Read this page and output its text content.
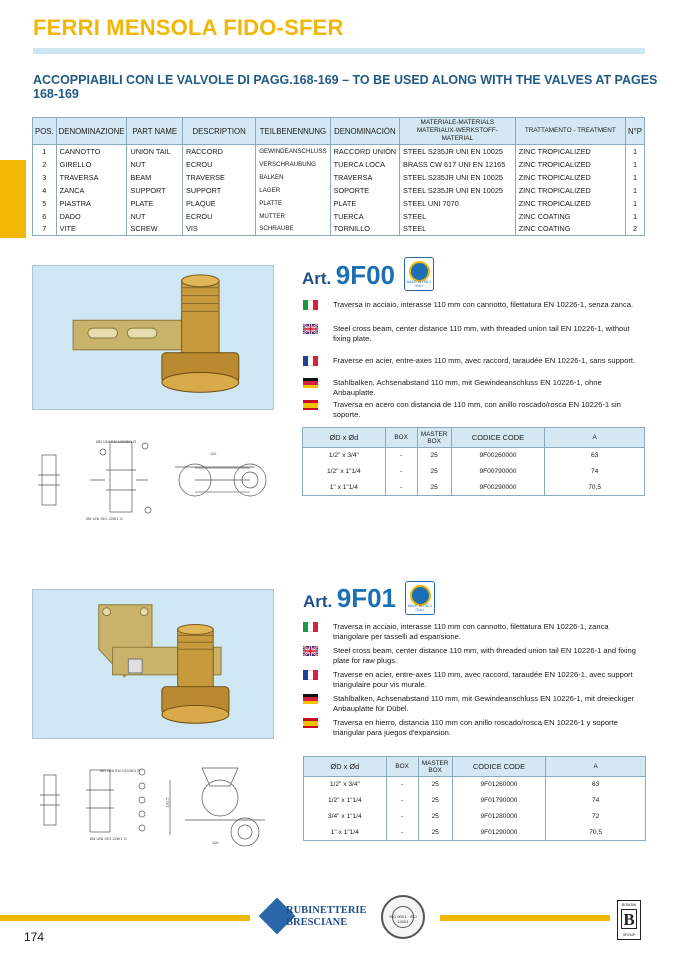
FERRI MENSOLA FIDO-SFER
ACCOPPIABILI CON LE VALVOLE DI PAGG.168-169 – TO BE USED ALONG WITH THE VALVES AT PAGES 168-169
POS.	DENOMINAZIONE	PART NAME	DESCRIPTION	TEILBENENNUNG	DENOMINACIÓN	MATERIALE-MATERIALS MATERIAUX-WERKSTOFF- MATERIAL	TRATTAMENTO - TREATMENT	N°P
1	CANNOTTO	UNION TAIL	RACCORD	GEWINDEANSCHLUSS	RACCORD UNION	STEEL S235JR UNI EN 10025	ZINC TROPICALIZED	1
2	GIRELLO	NUT	ECROU	VERSCHRAUBUNG	TUERCA LOCA	BRASS CW 617 UNI EN 12165	ZINC TROPICALIZED	1
3	TRAVERSA	BEAM	TRAVERSE	BALKEN	TRAVERSA	STEEL S235JR UNI EN 10025	ZINC TROPICALIZED	1
4	ZANCA	SUPPORT	SUPPORT	LAGER	SOPORTE	STEEL S235JR UNI EN 10025	ZINC TROPICALIZED	1
5	PIASTRA	PLATE	PLAQUE	PLATTE	PLATE	STEEL UNI 7070	ZINC TROPICALIZED	1
6	DADO	NUT	ECROU	MUTTER	TUERCA	STEEL	ZINC COATING	1
7	VITE	SCREW	VIS	SCHRAUBE	TORNILLO	STEEL	ZINC COATING	2
Art. 9F00	MADE IN ITALY ONLY
Traversa in acciaio, interasse 110 mm con cannotto, filettatura EN 10226-1, senza zanca.
Steel cross beam, center distance 110 mm, with threaded union tail EN 10226-1, without fixing plate.
Fraverse en acier, entre-axes 110 mm, avec raccord, taraudée EN 10226-1, sans support.
Stahlbalken, Achsenabstand 110 mm, mit Gewindeanschluss EN 10226-1, ohne Anbauplatte.
Traversa en acero con distancia de 110 mm, con anillo roscado/rosca EN 10226-1 sin soporte.
ØD UNI EN 10226/1 R
Ød UNI ISO 228/1 G
110
ØD x Ød	BOX	MASTER BOX	CODICE CODE	A
1/2" x 3/4"	-	25	9F00260000	63
1/2" x 1"1/4	-	25	9F00790000	74
1" x 1"1/4	-	25	9F00290000	70,5
Art. 9F01	MADE IN ITALY ONLY
Traversa in acciaio, interasse 110 mm con cannotto, filettatura EN 10226-1, zanca triangolare per tasselli ad espansione.
Steel cross beam, center distance 110 mm, with threaded union tail EN 10226-1 and fixing plate for raw plugs.
Traverse en acier, entre-axes 110 mm, avec raccord, taraudée EN 10226-1, avec support triangulaire pour vis murale.
Stahlbalken, Achsenabstand 110 mm, mit Gewindeanschluss EN 10226-1, mit dreieckiger Anbauplatte für Dübel.
Traversa en hierro, distancia 110 mm con anillo roscado/rosca EN 10226-1 y soporte triangular para juegos d'expansion.
ØD UNI EN 10226/1 R
Ød UNI ISO 228/1 G
110
102.5
ØD x Ød	BOX	MASTER BOX	CODICE CODE	A
1/2" x 3/4"	-	25	9F01260000	63
1/2" x 1"1/4	-	25	9F01790000	74
3/4" x 1"1/4	-	25	9F01280000	72
1" x 1"1/4	-	25	9F01290000	70,5
174
RUBINETTERIE
BRESCIANE
ISO 9001 · ISO 14001
BONOMI
B
GROUP
